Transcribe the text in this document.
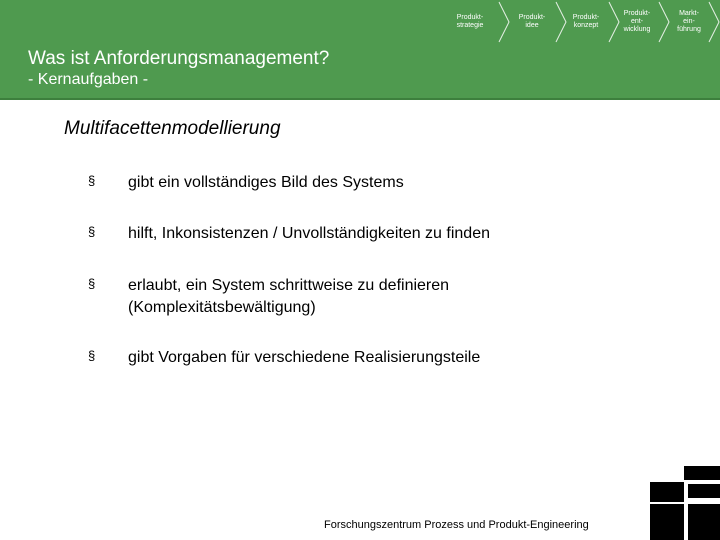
Produkt-
strategie
Produkt-
idee
Produkt-
konzept
Produkt-
ent-
wicklung
Markt-
ein-
führung
Was ist Anforderungsmanagement?
- Kernaufgaben -
Multifacettenmodellierung
§ gibt ein vollständiges Bild des Systems
§ hilft, Inkonsistenzen / Unvollständigkeiten zu finden
§ erlaubt, ein System schrittweise zu definieren (Komplexitätsbewältigung)
§ gibt Vorgaben für verschiedene Realisierungsteile
Forschungszentrum Prozess und Produkt-Engineering
